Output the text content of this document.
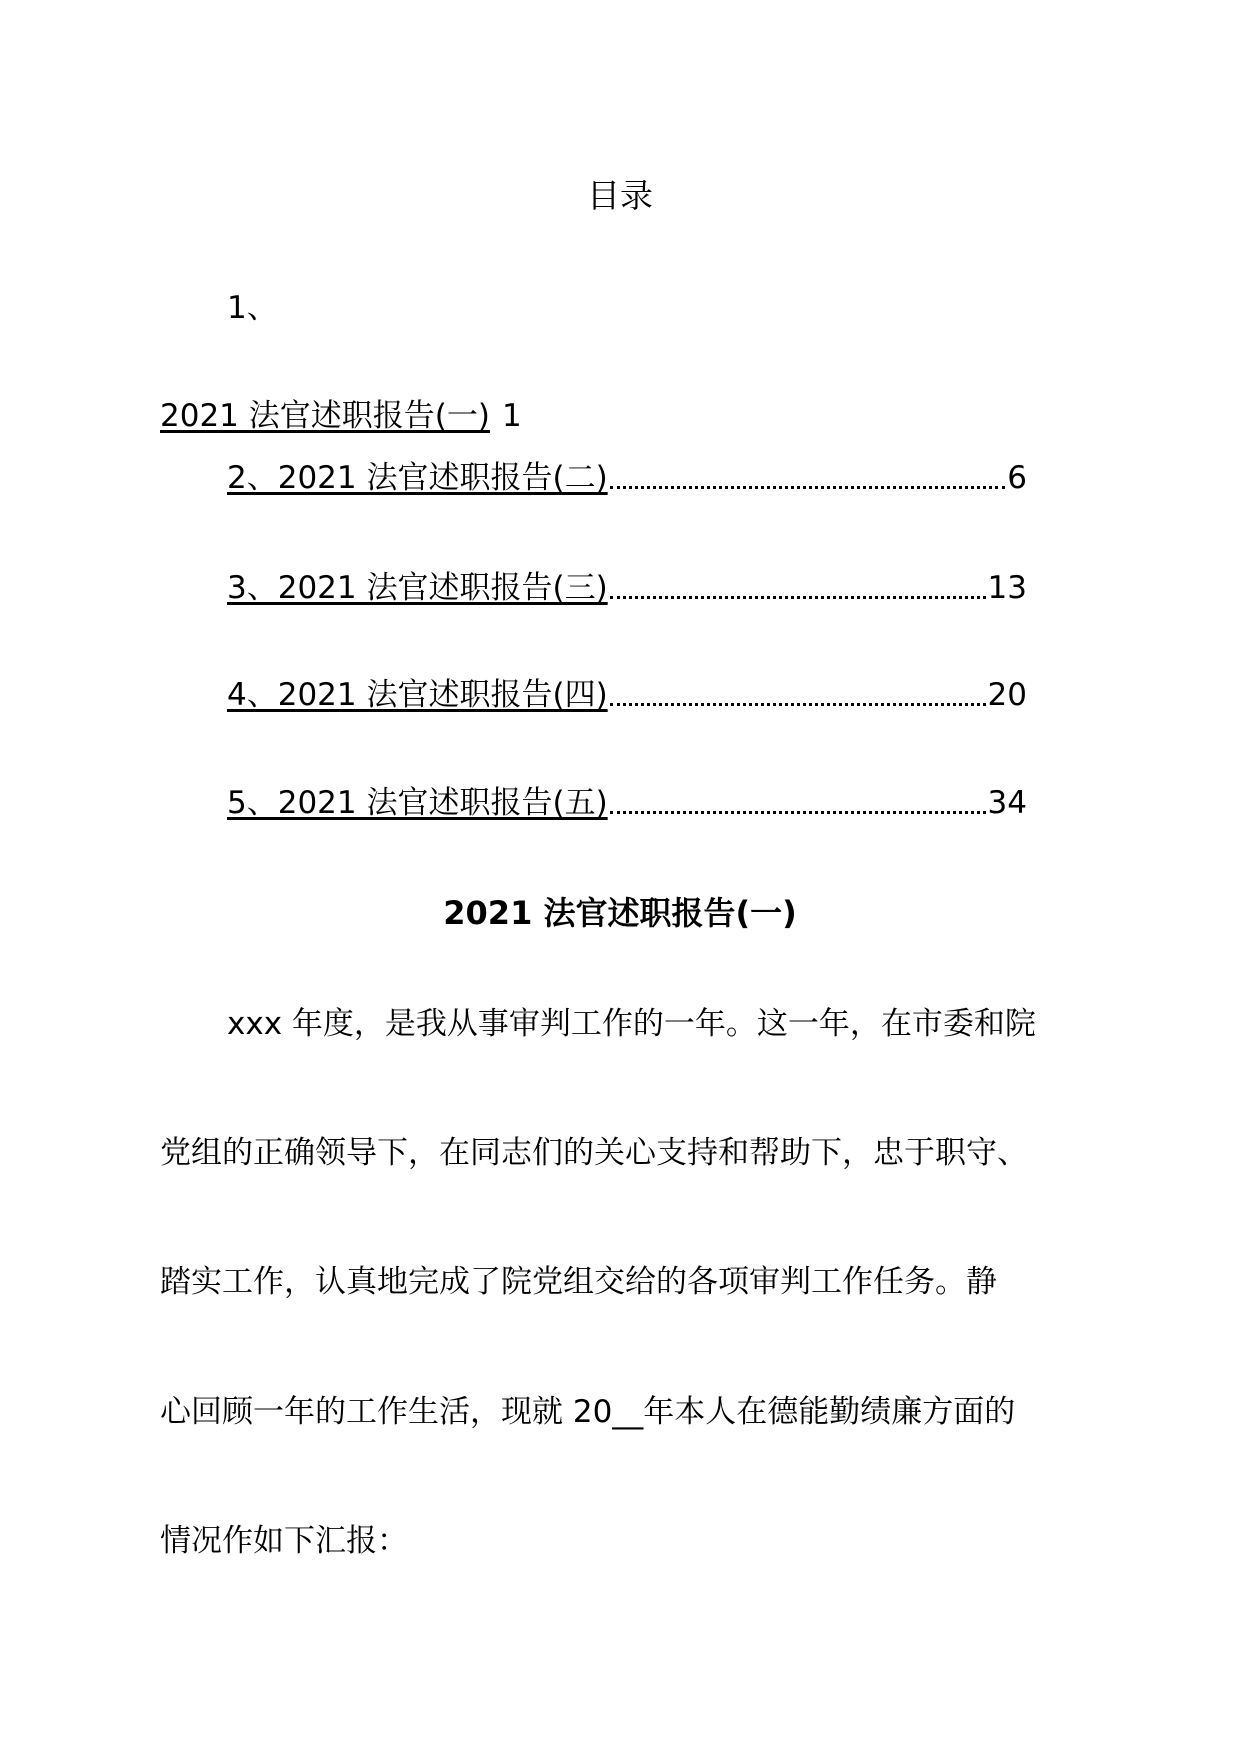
目录
1、
2021 法官述职报告(一) 1
2、2021 法官述职报告(二)	6
3、2021 法官述职报告(三)	13
4、2021 法官述职报告(四)	20
5、2021 法官述职报告(五)	34
2021 法官述职报告(一)
xxx 年度，是我从事审判工作的一年。这一年，在市委和院
党组的正确领导下，在同志们的关心支持和帮助下，忠于职守、
踏实工作，认真地完成了院党组交给的各项审判工作任务。静
心回顾一年的工作生活，现就 20__年本人在德能勤绩廉方面的
情况作如下汇报：
